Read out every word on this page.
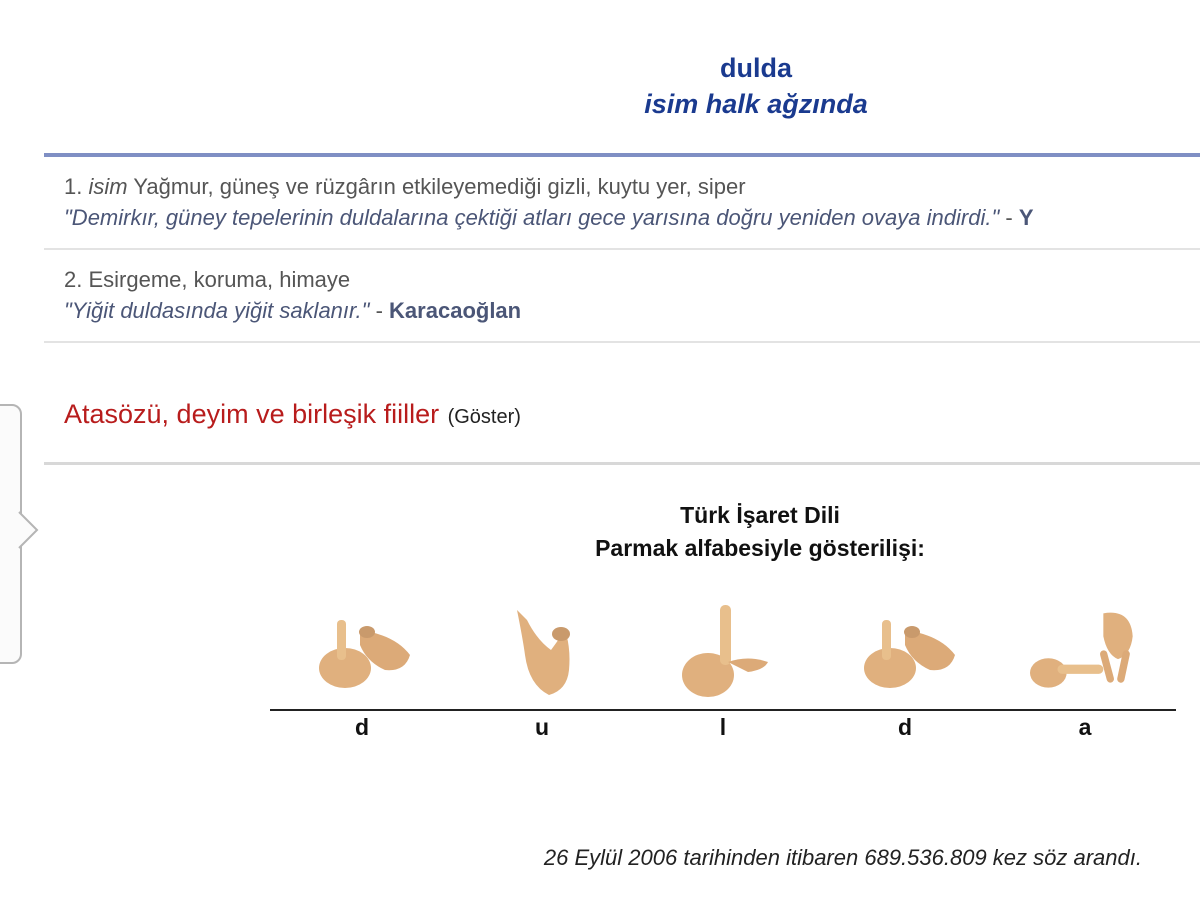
dulda
isim halk ağzında
1. isim Yağmur, güneş ve rüzgârın etkileyemediği gizli, kuytu yer, siper
"Demirkır, güney tepelerinin duldalarına çektiği atları gece yarısına doğru yeniden ovaya indirdi." - Y
2. Esirgeme, koruma, himaye
"Yiğit duldasında yiğit saklanır." - Karacaoğlan
Atasözü, deyim ve birleşik fiiller (Göster)
Türk İşaret Dili
Parmak alfabesiyle gösterilişi:
d	u	l	d	a
26 Eylül 2006 tarihinden itibaren 689.536.809 kez söz arandı.
